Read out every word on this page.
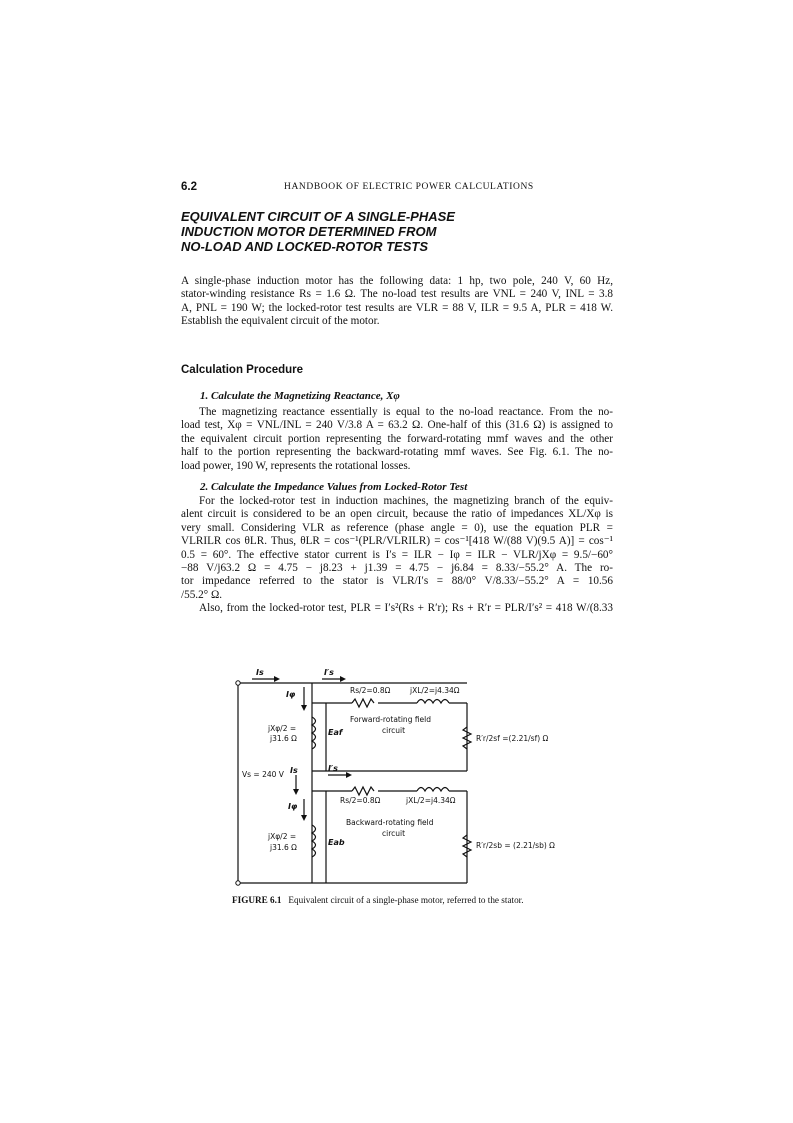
6.2	HANDBOOK OF ELECTRIC POWER CALCULATIONS
EQUIVALENT CIRCUIT OF A SINGLE-PHASE
INDUCTION MOTOR DETERMINED FROM
NO-LOAD AND LOCKED-ROTOR TESTS

A single-phase induction motor has the following data: 1 hp, two pole, 240 V, 60 Hz,
stator-winding resistance Rs = 1.6 Ω. The no-load test results are VNL = 240 V, INL = 3.8
A, PNL = 190 W; the locked-rotor test results are VLR = 88 V, ILR = 9.5 A, PLR = 418 W.
Establish the equivalent circuit of the motor.

Calculation Procedure
1. Calculate the Magnetizing Reactance, Xφ

The magnetizing reactance essentially is equal to the no-load reactance. From the no-
load test, Xφ = VNL/INL = 240 V/3.8 A = 63.2 Ω. One-half of this (31.6 Ω) is assigned to
the equivalent circuit portion representing the forward-rotating mmf waves and the other
half to the portion representing the backward-rotating mmf waves. See Fig. 6.1. The no-
load power, 190 W, represents the rotational losses.

2. Calculate the Impedance Values from Locked-Rotor Test

For the locked-rotor test in induction machines, the magnetizing branch of the equiv-
alent circuit is considered to be an open circuit, because the ratio of impedances XL/Xφ is
very small. Considering VLR as reference (phase angle = 0), use the equation PLR =
VLRILR cos θLR. Thus, θLR = cos⁻¹(PLR/VLRILR) = cos⁻¹[418 W/(88 V)(9.5 A)] = cos⁻¹
0.5 = 60°. The effective stator current is I′s = ILR − Iφ = ILR − VLR/jXφ = 9.5/−60°
−88 V/j63.2 Ω = 4.75 − j8.23 + j1.39 = 4.75 − j6.84 = 8.33/−55.2° A. The ro-
tor impedance referred to the stator is VLR/I′s = 88/0° V/8.33/−55.2° A = 10.56
/55.2° Ω.
Also, from the locked-rotor test, PLR = I′s²(Rs + R′r); Rs + R′r = PLR/I′s² = 418 W/(8.33

Is	I′s
Rs/2=0.8Ω	jXL/2=j4.34Ω
Iφ
jXφ/2 =
j31.6 Ω
Eaf
Forward-rotating field
circuit
R′r/2sf =(2.21/sf) Ω
Vs = 240 V Is	I′s
Rs/2=0.8Ω	jXL/2=j4.34Ω
Iφ
jXφ/2 =
j31.6 Ω
Eab
Backward-rotating field
circuit
R′r/2sb = (2.21/sb) Ω
FIGURE 6.1 Equivalent circuit of a single-phase motor, referred to the stator.
